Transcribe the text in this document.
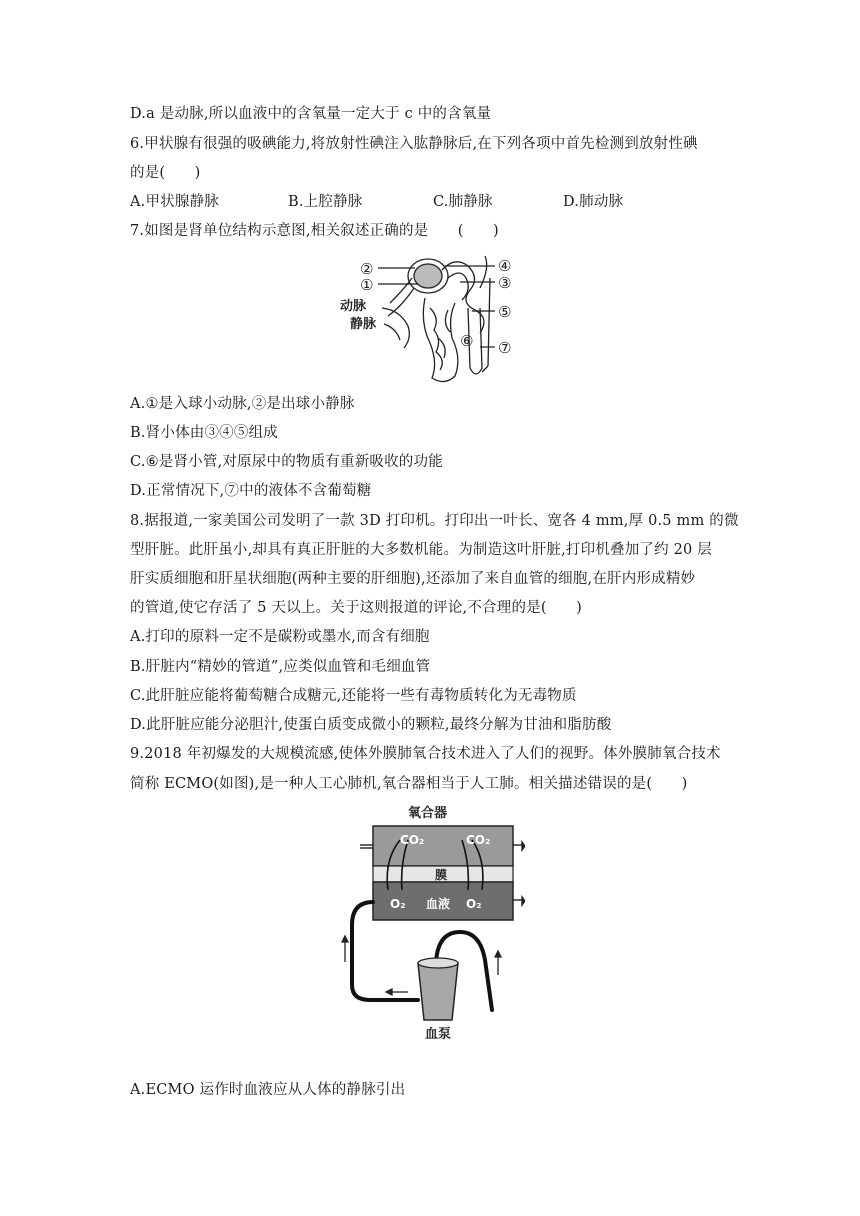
D.a 是动脉,所以血液中的含氧量一定大于 c 中的含氧量
6.甲状腺有很强的吸碘能力,将放射性碘注入肱静脉后,在下列各项中首先检测到放射性碘
的是(　　)
A.甲状腺静脉	B.上腔静脉	C.肺静脉	D.肺动脉
7.如图是肾单位结构示意图,相关叙述正确的是　　(　　)
②
①
④
③
⑤
⑥ ⑦
动脉
静脉
A.①是入球小动脉,②是出球小静脉
B.肾小体由③④⑤组成
C.⑥是肾小管,对原尿中的物质有重新吸收的功能
D.正常情况下,⑦中的液体不含葡萄糖
8.据报道,一家美国公司发明了一款 3D 打印机。打印出一叶长、宽各 4 mm,厚 0.5 mm 的微
型肝脏。此肝虽小,却具有真正肝脏的大多数机能。为制造这叶肝脏,打印机叠加了约 20 层
肝实质细胞和肝星状细胞(两种主要的肝细胞),还添加了来自血管的细胞,在肝内形成精妙
的管道,使它存活了 5 天以上。关于这则报道的评论,不合理的是(　　)
A.打印的原料一定不是碳粉或墨水,而含有细胞
B.肝脏内“精妙的管道”,应类似血管和毛细血管
C.此肝脏应能将葡萄糖合成糖元,还能将一些有毒物质转化为无毒物质
D.此肝脏应能分泌胆汁,使蛋白质变成微小的颗粒,最终分解为甘油和脂肪酸
9.2018 年初爆发的大规模流感,使体外膜肺氧合技术进入了人们的视野。体外膜肺氧合技术
简称 ECMO(如图),是一种人工心肺机,氧合器相当于人工肺。相关描述错误的是(　　)
氧合器
CO₂	CO₂
O₂ 血液 O₂
膜
血泵
A.ECMO 运作时血液应从人体的静脉引出
